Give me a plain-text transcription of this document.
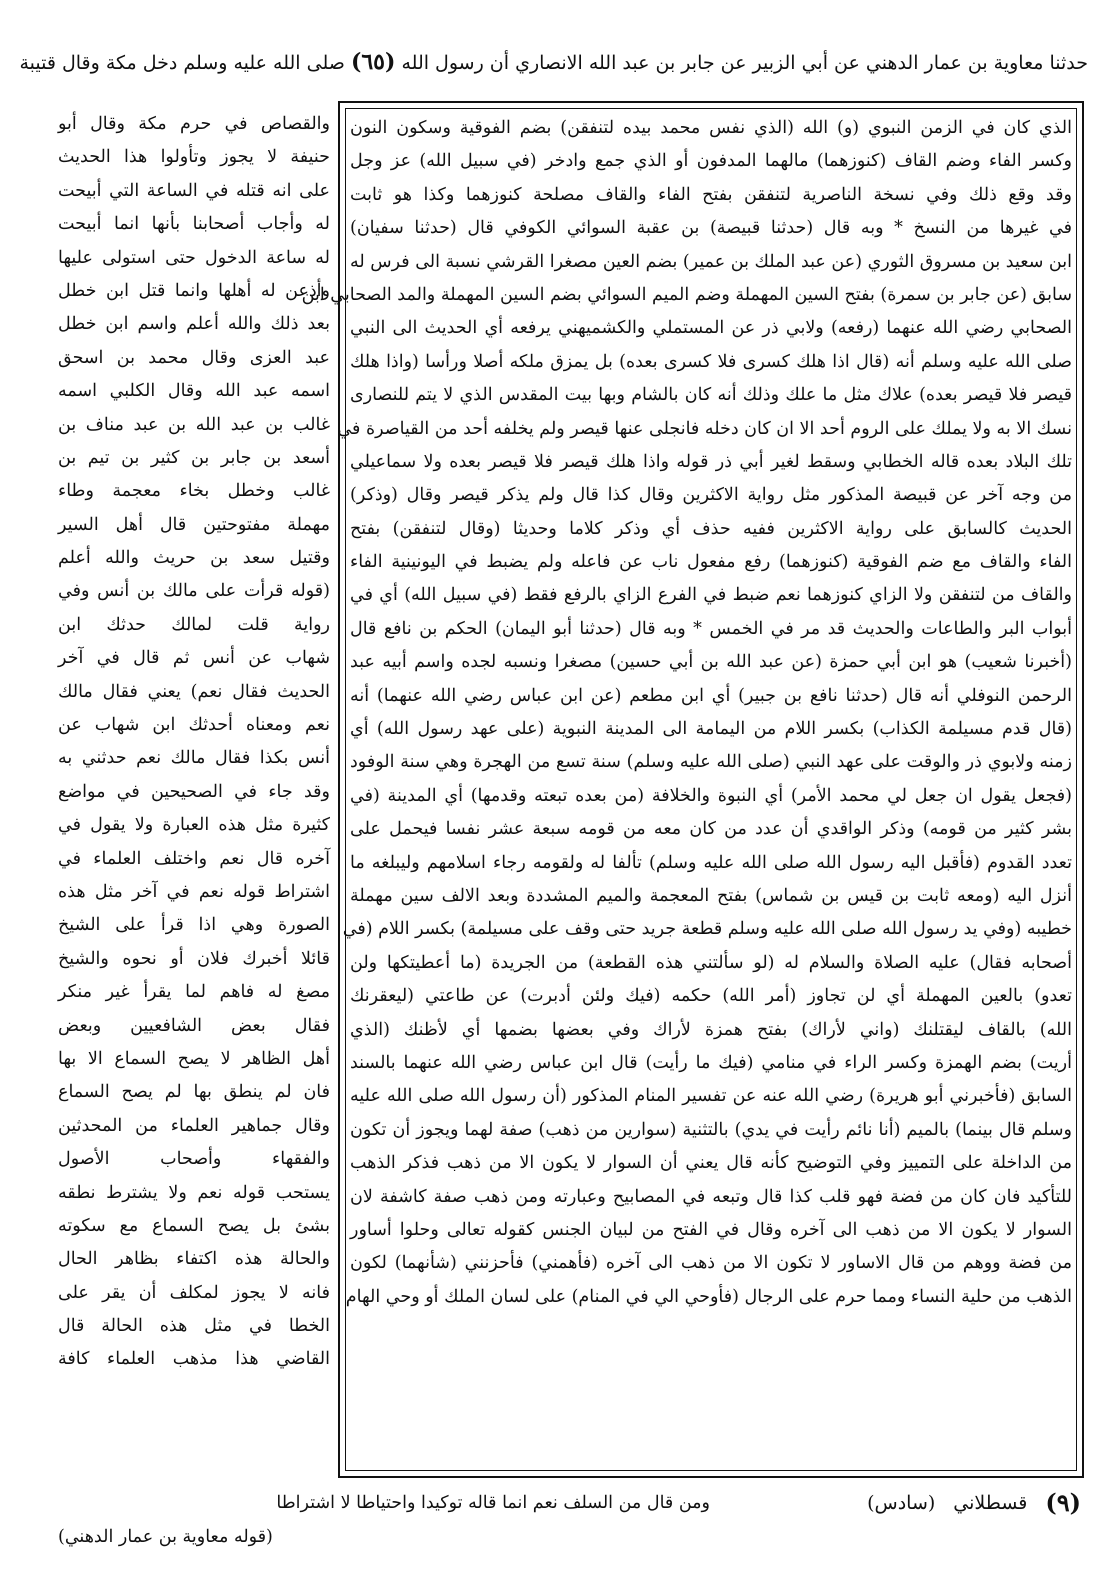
حدثنا معاوية بن عمار الدهني عن أبي الزبير عن جابر بن عبد الله الانصاري أن رسول الله (٦٥) صلى الله عليه وسلم دخل مكة وقال قتيبة
الذي كان في الزمن النبوي (و) الله (الذي نفس محمد بيده لتنفقن) بضم الفوقية وسكون النون
وكسر الفاء وضم القاف (كنوزهما) مالهما المدفون أو الذي جمع وادخر (في سبيل الله) عز وجل
وقد وقع ذلك وفي نسخة الناصرية لتنفقن بفتح الفاء والقاف مصلحة كنوزهما وكذا هو ثابت
في غيرها من النسخ * وبه قال (حدثنا قبيصة) بن عقبة السوائي الكوفي قال (حدثنا سفيان)
ابن سعيد بن مسروق الثوري (عن عبد الملك بن عمير) بضم العين مصغرا القرشي نسبة الى فرس له
سابق (عن جابر بن سمرة) بفتح السين المهملة وضم الميم السوائي بضم السين المهملة والمد الصحابي ابن
الصحابي رضي الله عنهما (رفعه) ولابي ذر عن المستملي والكشميهني يرفعه أي الحديث الى النبي
صلى الله عليه وسلم أنه (قال اذا هلك كسرى فلا كسرى بعده) بل يمزق ملكه أصلا ورأسا (واذا هلك
قيصر فلا قيصر بعده) علاك مثل ما علك وذلك أنه كان بالشام وبها بيت المقدس الذي لا يتم للنصارى
نسك الا به ولا يملك على الروم أحد الا ان كان دخله فانجلى عنها قيصر ولم يخلفه أحد من القياصرة في
تلك البلاد بعده قاله الخطابي وسقط لغير أبي ذر قوله واذا هلك قيصر فلا قيصر بعده ولا سماعيلي
من وجه آخر عن قبيصة المذكور مثل رواية الاكثرين وقال كذا قال ولم يذكر قيصر وقال (وذكر)
الحديث كالسابق على رواية الاكثرين ففيه حذف أي وذكر كلاما وحديثا (وقال لتنفقن) بفتح
الفاء والقاف مع ضم الفوقية (كنوزهما) رفع مفعول ناب عن فاعله ولم يضبط في اليونينية الفاء
والقاف من لتنفقن ولا الزاي كنوزهما نعم ضبط في الفرع الزاي بالرفع فقط (في سبيل الله) أي في
أبواب البر والطاعات والحديث قد مر في الخمس * وبه قال (حدثنا أبو اليمان) الحكم بن نافع قال
(أخبرنا شعيب) هو ابن أبي حمزة (عن عبد الله بن أبي حسين) مصغرا ونسبه لجده واسم أبيه عبد
الرحمن النوفلي أنه قال (حدثنا نافع بن جبير) أي ابن مطعم (عن ابن عباس رضي الله عنهما) أنه
(قال قدم مسيلمة الكذاب) بكسر اللام من اليمامة الى المدينة النبوية (على عهد رسول الله) أي
زمنه ولابوي ذر والوقت على عهد النبي (صلى الله عليه وسلم) سنة تسع من الهجرة وهي سنة الوفود
(فجعل يقول ان جعل لي محمد الأمر) أي النبوة والخلافة (من بعده تبعته وقدمها) أي المدينة (في
بشر كثير من قومه) وذكر الواقدي أن عدد من كان معه من قومه سبعة عشر نفسا فيحمل على
تعدد القدوم (فأقبل اليه رسول الله صلى الله عليه وسلم) تألفا له ولقومه رجاء اسلامهم وليبلغه ما
أنزل اليه (ومعه ثابت بن قيس بن شماس) بفتح المعجمة والميم المشددة وبعد الالف سين مهملة
خطيبه (وفي يد رسول الله صلى الله عليه وسلم قطعة جريد حتى وقف على مسيلمة) بكسر اللام (في
أصحابه فقال) عليه الصلاة والسلام له (لو سألتني هذه القطعة) من الجريدة (ما أعطيتكها ولن
تعدو) بالعين المهملة أي لن تجاوز (أمر الله) حكمه (فيك ولئن أدبرت) عن طاعتي (ليعقرنك
الله) بالقاف ليقتلنك (واني لأراك) بفتح همزة لأراك وفي بعضها بضمها أي لأظنك (الذي
أريت) بضم الهمزة وكسر الراء في منامي (فيك ما رأيت) قال ابن عباس رضي الله عنهما بالسند
السابق (فأخبرني أبو هريرة) رضي الله عنه عن تفسير المنام المذكور (أن رسول الله صلى الله عليه
وسلم قال بينما) بالميم (أنا نائم رأيت في يدي) بالتثنية (سوارين من ذهب) صفة لهما ويجوز أن تكون
من الداخلة على التمييز وفي التوضيح كأنه قال يعني أن السوار لا يكون الا من ذهب فذكر الذهب
للتأكيد فان كان من فضة فهو قلب كذا قال وتبعه في المصابيح وعبارته ومن ذهب صفة كاشفة لان
السوار لا يكون الا من ذهب الى آخره وقال في الفتح من لبيان الجنس كقوله تعالى وحلوا أساور
من فضة ووهم من قال الاساور لا تكون الا من ذهب الى آخره (فأهمني) فأحزنني (شأنهما) لكون
الذهب من حلية النساء ومما حرم على الرجال (فأوحي الي في المنام) على لسان الملك أو وحي الهام
والقصاص في حرم مكة وقال أبو
حنيفة لا يجوز وتأولوا هذا الحديث
على انه قتله في الساعة التي أبيحت
له وأجاب أصحابنا بأنها انما أبيحت
له ساعة الدخول حتى استولى عليها
وأذعن له أهلها وانما قتل ابن خطل
بعد ذلك والله أعلم واسم ابن خطل
عبد العزى وقال محمد بن اسحق
اسمه عبد الله وقال الكلبي اسمه
غالب بن عبد الله بن عبد مناف بن
أسعد بن جابر بن كثير بن تيم بن
غالب وخطل بخاء معجمة وطاء
مهملة مفتوحتين قال أهل السير
وقتيل سعد بن حريث والله أعلم
(قوله قرأت على مالك بن أنس وفي
رواية قلت لمالك حدثك ابن
شهاب عن أنس ثم قال في آخر
الحديث فقال نعم) يعني فقال مالك
نعم ومعناه أحدثك ابن شهاب عن
أنس بكذا فقال مالك نعم حدثني به
وقد جاء في الصحيحين في مواضع
كثيرة مثل هذه العبارة ولا يقول في
آخره قال نعم واختلف العلماء في
اشتراط قوله نعم في آخر مثل هذه
الصورة وهي اذا قرأ على الشيخ
قائلا أخبرك فلان أو نحوه والشيخ
مصغ له فاهم لما يقرأ غير منكر
فقال بعض الشافعيين وبعض
أهل الظاهر لا يصح السماع الا بها
فان لم ينطق بها لم يصح السماع
وقال جماهير العلماء من المحدثين
والفقهاء وأصحاب الأصول
يستحب قوله نعم ولا يشترط نطقه
بشئ بل يصح السماع مع سكوته
والحالة هذه اكتفاء بظاهر الحال
فانه لا يجوز لمكلف أن يقر على
الخطا في مثل هذه الحالة قال
القاضي هذا مذهب العلماء كافة
(٩)
قسطلاني
(سادس)
ومن قال من السلف نعم انما قاله توكيدا واحتياطا لا اشتراطا
(قوله معاوية بن عمار الدهني)
